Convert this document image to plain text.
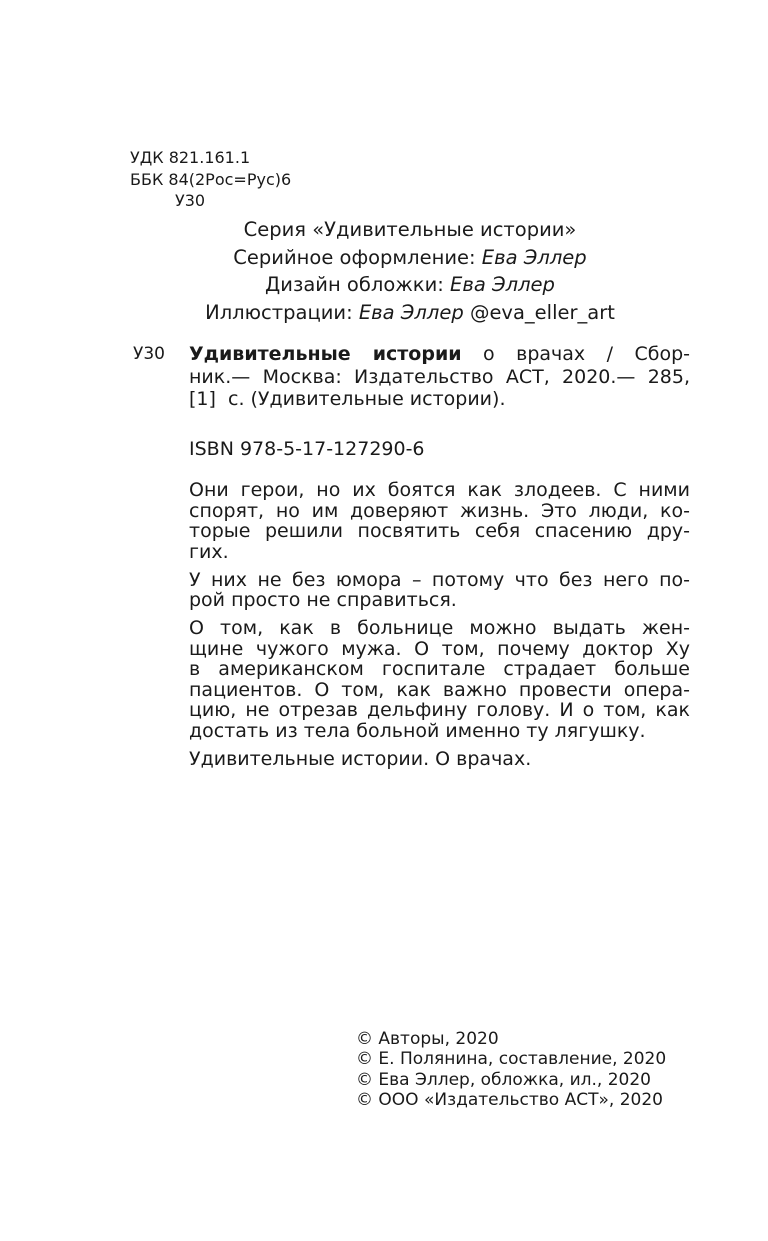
УДК 821.161.1
ББК 84(2Рос=Рус)6
У30
Серия «Удивительные истории»
Серийное оформление: Ева Эллер
Дизайн обложки: Ева Эллер
Иллюстрации: Ева Эллер @eva_eller_art
У30 Удивительные истории о врачах / Сбор-
ник.— Москва: Издательство АСТ, 2020.— 285,
[1]  с. (Удивительные истории).
ISBN 978-5-17-127290-6
Они герои, но их боятся как злодеев. С ними
спорят, но им доверяют жизнь. Это люди, ко-
торые решили посвятить себя спасению дру-
гих.
У них не без юмора – потому что без него по-
рой просто не справиться.
О том, как в больнице можно выдать жен-
щине чужого мужа. О том, почему доктор Ху
в американском госпитале страдает больше
пациентов. О том, как важно провести опера-
цию, не отрезав дельфину голову. И о том, как
достать из тела больной именно ту лягушку.
Удивительные истории. О врачах.
© Авторы, 2020
© Е. Полянина, составление, 2020
© Ева Эллер, обложка, ил., 2020
© ООО «Издательство АСТ», 2020
